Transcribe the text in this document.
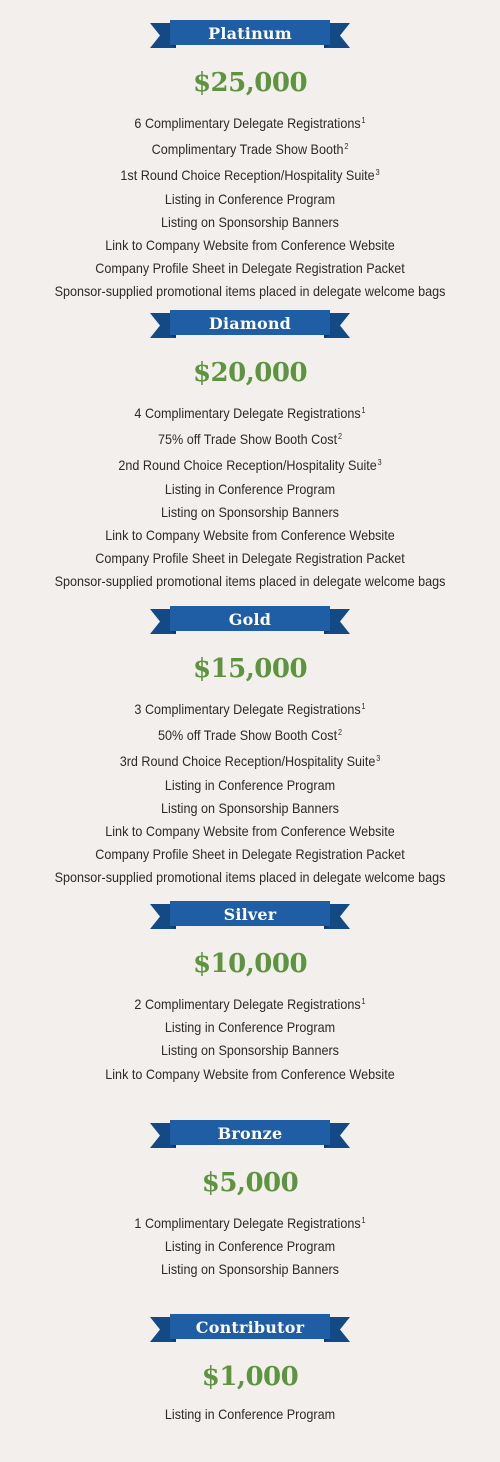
Platinum
$25,000
6 Complimentary Delegate Registrations$^1$
Complimentary Trade Show Booth$^2$
1st Round Choice Reception/Hospitality Suite$^3$
Listing in Conference Program
Listing on Sponsorship Banners
Link to Company Website from Conference Website
Company Profile Sheet in Delegate Registration Packet
Sponsor-supplied promotional items placed in delegate welcome bags
Diamond
$20,000
4 Complimentary Delegate Registrations$^1$
75% off Trade Show Booth Cost$^2$
2nd Round Choice Reception/Hospitality Suite$^3$
Listing in Conference Program
Listing on Sponsorship Banners
Link to Company Website from Conference Website
Company Profile Sheet in Delegate Registration Packet
Sponsor-supplied promotional items placed in delegate welcome bags
Gold
$15,000
3 Complimentary Delegate Registrations$^1$
50% off Trade Show Booth Cost$^2$
3rd Round Choice Reception/Hospitality Suite$^3$
Listing in Conference Program
Listing on Sponsorship Banners
Link to Company Website from Conference Website
Company Profile Sheet in Delegate Registration Packet
Sponsor-supplied promotional items placed in delegate welcome bags
Silver
$10,000
2 Complimentary Delegate Registrations$^1$
Listing in Conference Program
Listing on Sponsorship Banners
Link to Company Website from Conference Website
Bronze
$5,000
1 Complimentary Delegate Registrations$^1$
Listing in Conference Program
Listing on Sponsorship Banners
Contributor
$1,000
Listing in Conference Program
